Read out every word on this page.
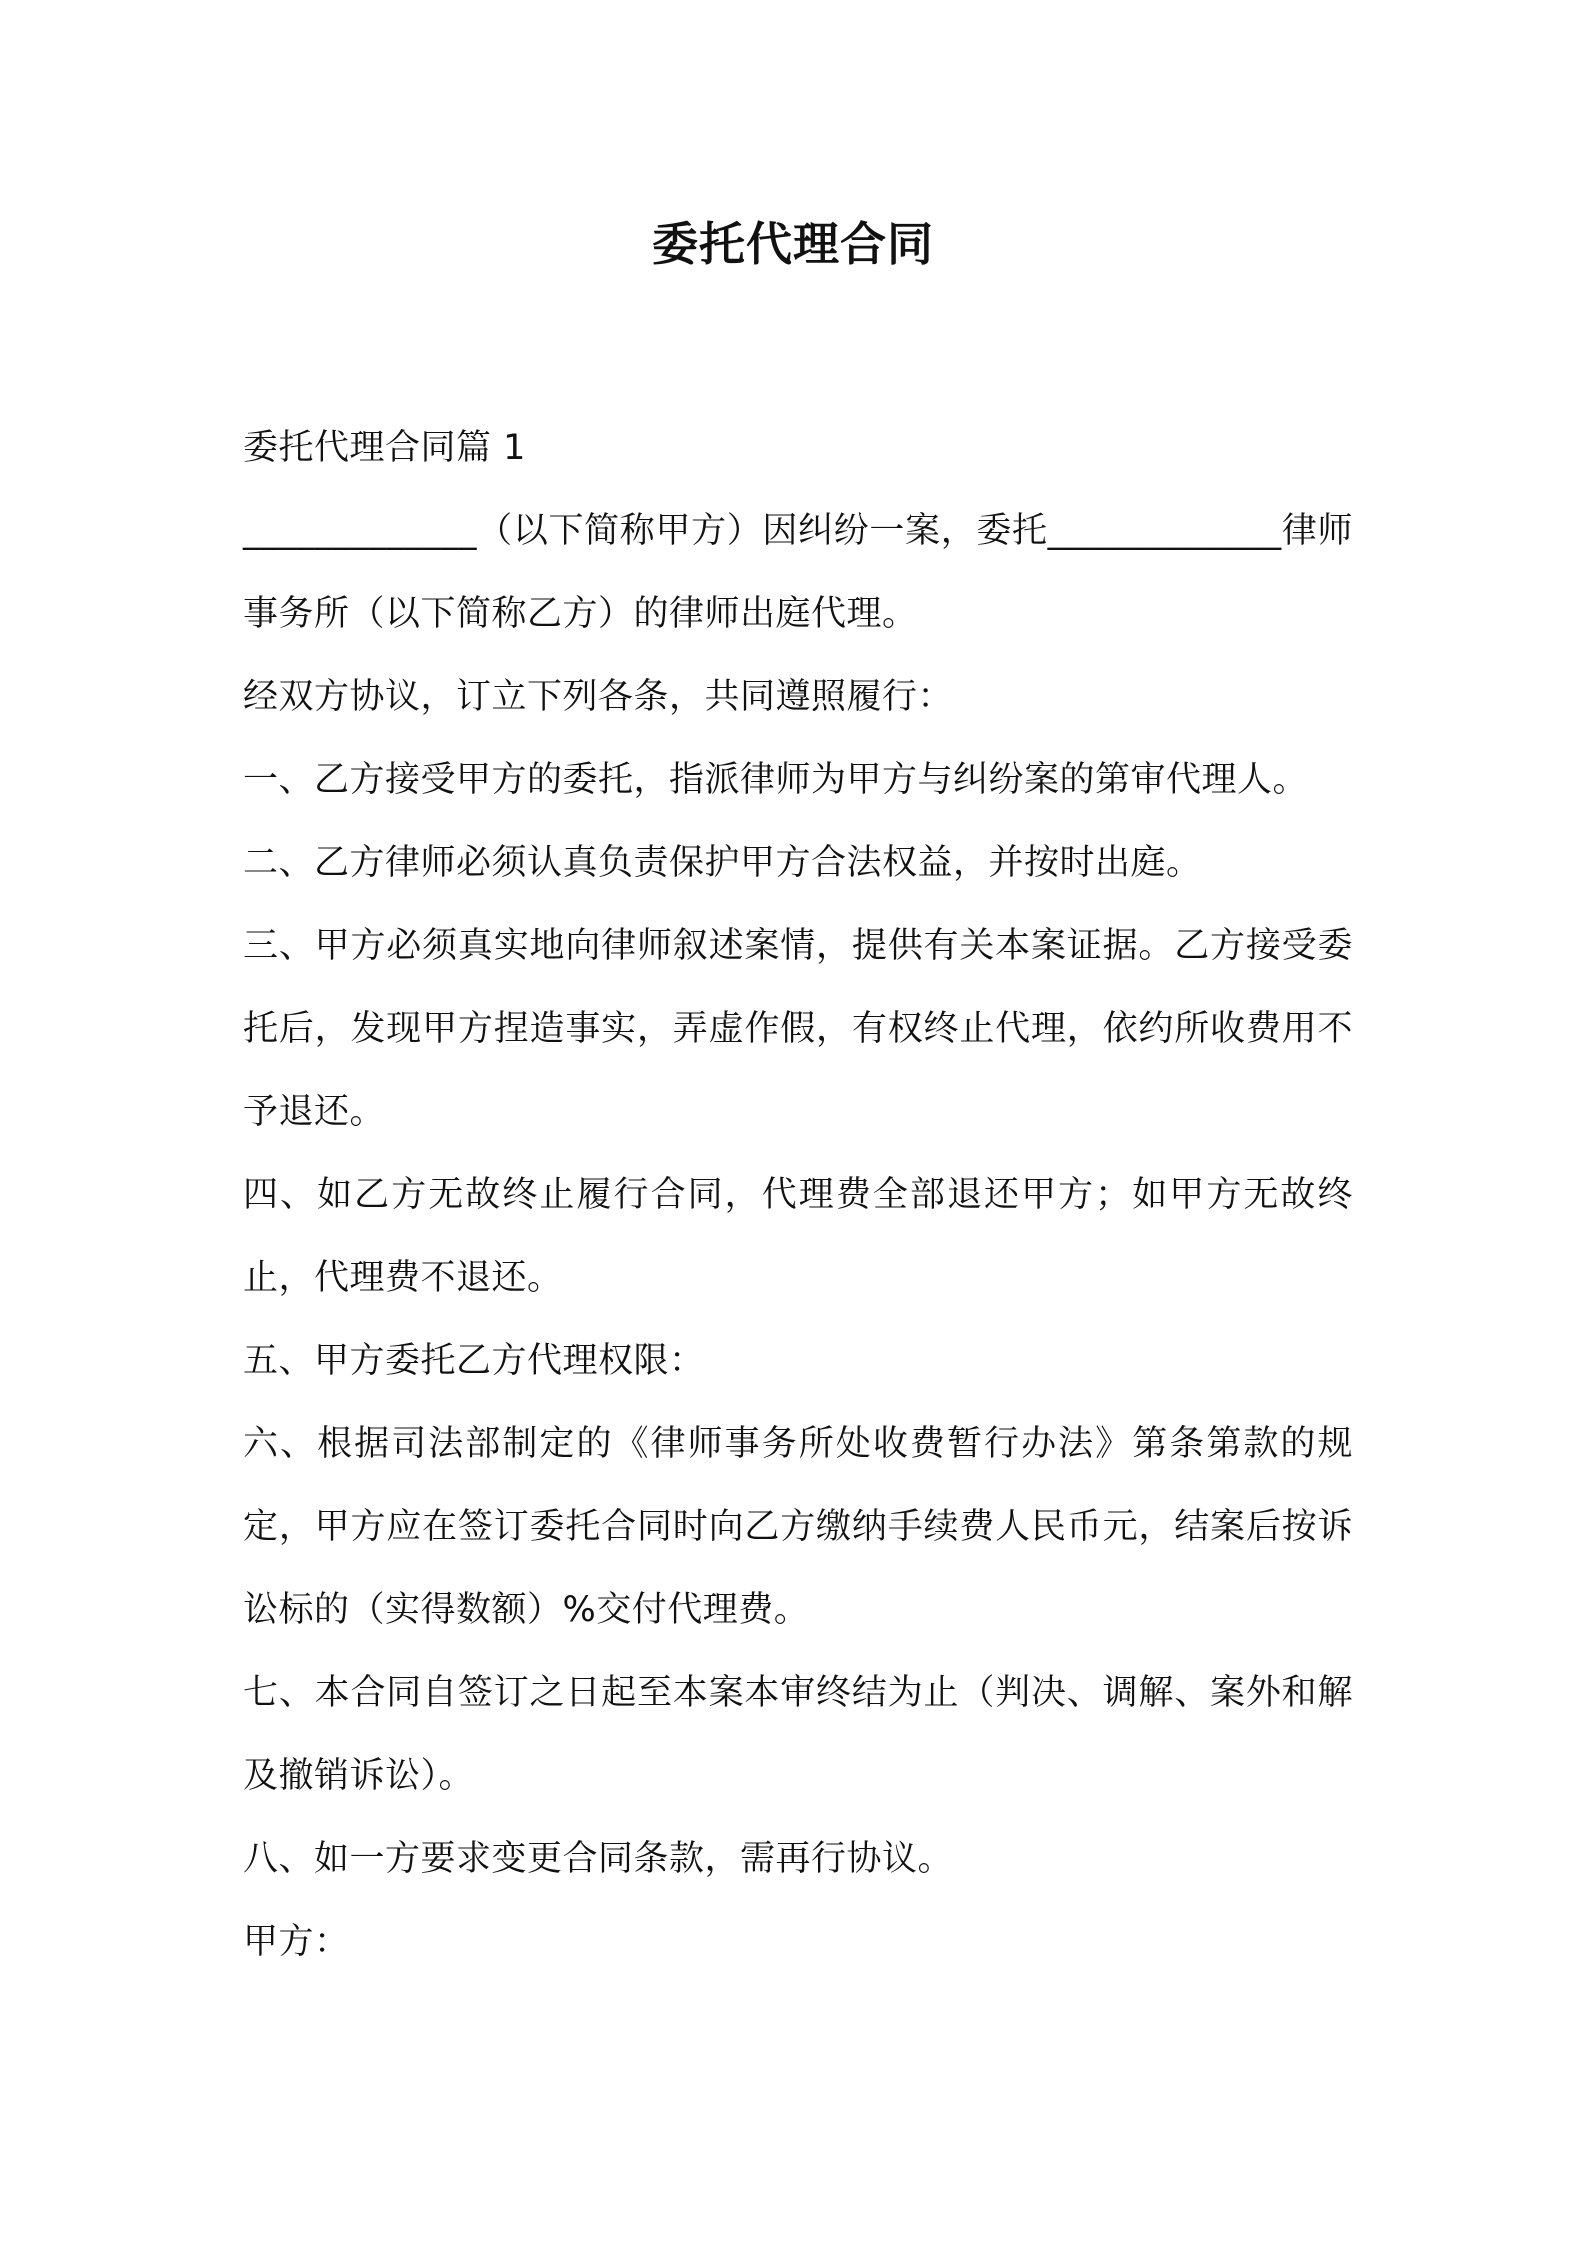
委托代理合同

委托代理合同篇 1

_____________（以下简称甲方）因纠纷一案，委托_____________律师事务所（以下简称乙方）的律师出庭代理。

经双方协议，订立下列各条，共同遵照履行：

一、乙方接受甲方的委托，指派律师为甲方与纠纷案的第审代理人。

二、乙方律师必须认真负责保护甲方合法权益，并按时出庭。

三、甲方必须真实地向律师叙述案情，提供有关本案证据。乙方接受委托后，发现甲方捏造事实，弄虚作假，有权终止代理，依约所收费用不予退还。

四、如乙方无故终止履行合同，代理费全部退还甲方；如甲方无故终止，代理费不退还。

五、甲方委托乙方代理权限：

六、根据司法部制定的《律师事务所处收费暂行办法》第条第款的规定，甲方应在签订委托合同时向乙方缴纳手续费人民币元，结案后按诉讼标的（实得数额）%交付代理费。

七、本合同自签订之日起至本案本审终结为止（判决、调解、案外和解及撤销诉讼）。

八、如一方要求变更合同条款，需再行协议。

甲方：
